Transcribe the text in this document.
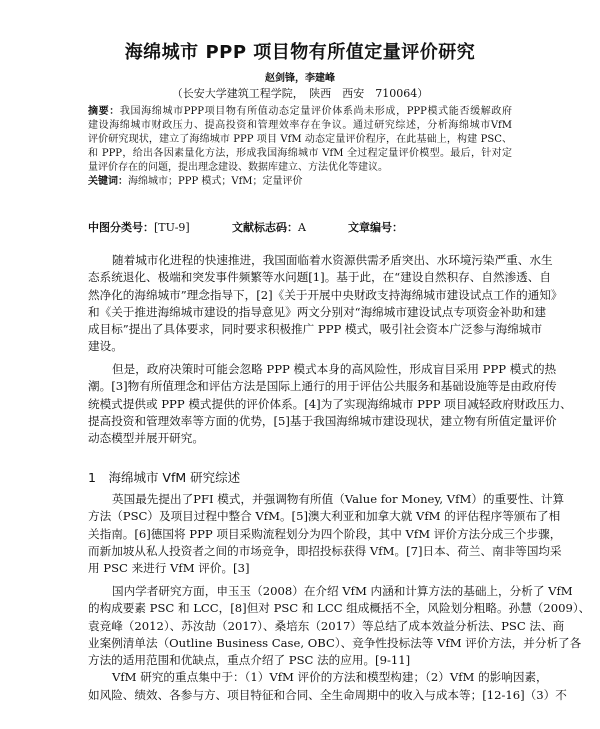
海绵城市 PPP 项目物有所值定量评价研究
赵剑锋，李建峰
（长安大学建筑工程学院，　陕西　西安　710064）
摘要：我国海绵城市PPP项目物有所值动态定量评价体系尚未形成，PPP模式能否缓解政府
建设海绵城市财政压力、提高投资和管理效率存在争议。通过研究综述，分析海绵城市VfM
评价研究现状，建立了海绵城市 PPP 项目 VfM 动态定量评价程序，在此基础上，构建 PSC、
和 PPP，给出各因素量化方法，形成我国海绵城市 VfM 全过程定量评价模型。最后，针对定
量评价存在的问题，提出理念建设、数据库建立、方法优化等建议。
关键词：海绵城市；PPP 模式；VfM；定量评价
中图分类号： [TU-9]	文献标志码： A	文章编号：
随着城市化进程的快速推进，我国面临着水资源供需矛盾突出、水环境污染严重、水生
态系统退化、极端和突发事件频繁等水问题[1]。基于此，在“建设自然积存、自然渗透、自
然净化的海绵城市”理念指导下，[2]《关于开展中央财政支持海绵城市建设试点工作的通知》
和《关于推进海绵城市建设的指导意见》两文分别对“海绵城市建设试点专项资金补助和建
成目标”提出了具体要求，同时要求积极推广 PPP 模式，吸引社会资本广泛参与海绵城市
建设。
但是，政府决策时可能会忽略 PPP 模式本身的高风险性，形成盲目采用 PPP 模式的热
潮。[3]物有所值理念和评估方法是国际上通行的用于评估公共服务和基础设施等是由政府传
统模式提供或 PPP 模式提供的评价体系。[4]为了实现海绵城市 PPP 项目减轻政府财政压力、
提高投资和管理效率等方面的优势，[5]基于我国海绵城市建设现状，建立物有所值定量评价
动态模型并展开研究。
1　海绵城市 VfM 研究综述
英国最先提出了PFI 模式，并强调物有所值（Value for Money, VfM）的重要性、计算
方法（PSC）及项目过程中整合 VfM。[5]澳大利亚和加拿大就 VfM 的评估程序等颁布了相
关指南。[6]德国将 PPP 项目采购流程划分为四个阶段，其中 VfM 评价方法分成三个步骤，
而新加坡从私人投资者之间的市场竞争，即招投标获得 VfM。[7]日本、荷兰、南非等国均采
用 PSC 来进行 VfM 评价。[3]
国内学者研究方面，申玉玉（2008）在介绍 VfM 内涵和计算方法的基础上，分析了 VfM
的构成要素 PSC 和 LCC，[8]但对 PSC 和 LCC 组成概括不全，风险划分粗略。孙慧（2009）、
袁竞峰（2012）、苏汝劼（2017）、桑培东（2017）等总结了成本效益分析法、PSC 法、商
业案例清单法（Outline Business Case, OBC）、竞争性投标法等 VfM 评价方法，并分析了各
方法的适用范围和优缺点，重点介绍了 PSC 法的应用。[9-11]
VfM 研究的重点集中于：（1）VfM 评价的方法和模型构建；（2）VfM 的影响因素，
如风险、绩效、各参与方、项目特征和合同、全生命周期中的收入与成本等；[12-16]（3）不
